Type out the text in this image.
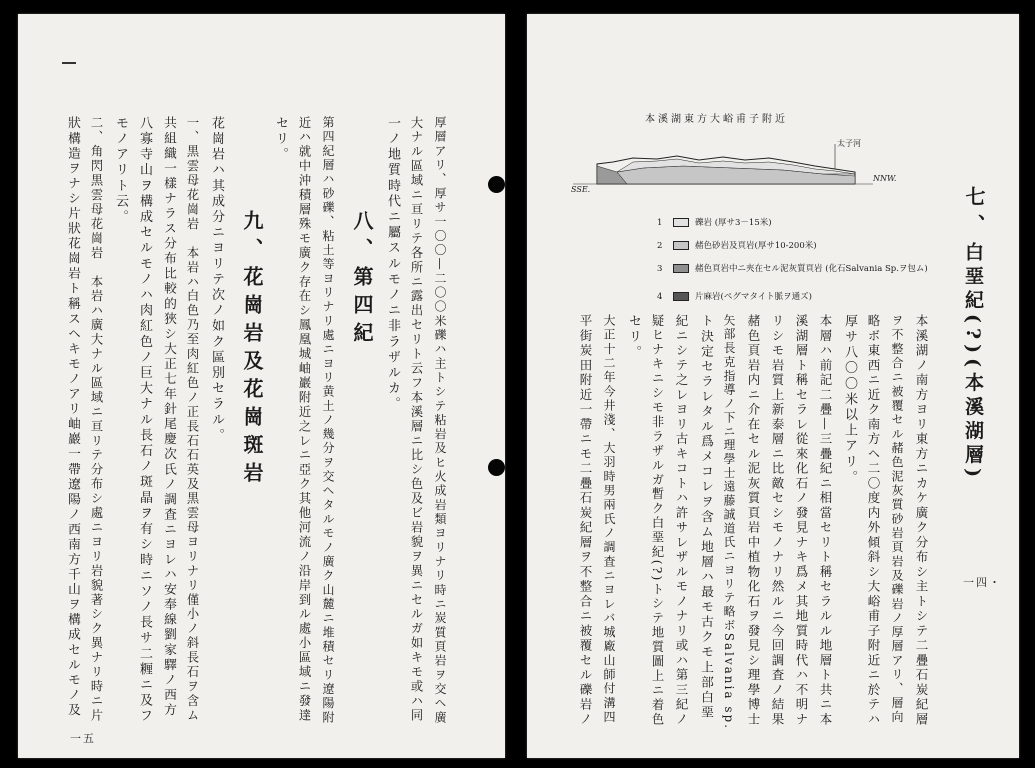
厚層アリ、厚サ一〇〇—二〇〇米礫ハ主トシテ粘岩及ヒ火成岩類ヨリナリ時ニ炭質頁岩ヲ交ヘ廣
大ナル區域ニ亘リテ各所ニ露出セリト云フ本溪層ニ比シ色及ビ岩貌ヲ異ニセルガ如キモ或ハ同
一ノ地質時代ニ屬スルモノニ非ラザルカ。
八、第四紀
第四紀層ハ砂礫、粘土等ヨリナリ處ニヨリ黄土ノ幾分ヲ交ヘタルモノ廣ク山麓ニ堆積セリ遼陽附
近ハ就中沖積層殊モ廣ク存在シ鳳凰城岫巖附近之レニ亞ク其他河流ノ沿岸到ル處小區域ニ發達
セリ。
九、花崗岩及花崗斑岩
花崗岩ハ其成分ニヨリテ次ノ如ク區別セラル。
一、黒雲母花崗岩　本岩ハ白色乃至肉紅色ノ正長石石英及黒雲母ヨリナリ僅小ノ斜長石ヲ含ム
共組織一樣ナラス分布比較的狹シ大正七年針尾慶次氏ノ調査ニヨレハ安奉線劉家驛ノ西方
八寡寺山ヲ構成セルモノハ肉紅色ノ巨大ナル長石ノ斑晶ヲ有シ時ニソノ長サ二糎ニ及フ
モノアリト云。
二、角閃黒雲母花崗岩　本岩ハ廣大ナル區域ニ亘リテ分布シ處ニヨリ岩貌著シク異ナリ時ニ片
狀構造ヲナシ片狀花崗岩ト稱スヘキモノアリ岫巖一帶遼陽ノ西南方千山ヲ構成セルモノ及
一五
本溪湖東方大峪甫子附近
SSE.
NNW.
太子河
1	礫岩 (厚サ3－15米)
2	赭色砂岩及頁岩(厚サ10-200米)
3	赭色頁岩中ニ夾在セル泥灰質頁岩 (化石Salvania Sp.ヲ包ム)
4	片麻岩(ペグマタイト脈ヲ通ズ)
七、
白堊紀(?)(本溪湖層)
本溪湖ノ南方ヨリ東方ニカケ廣ク分布シ主トシテ二疊石炭紀層
ヲ不整合ニ被覆セル赭色泥灰質砂岩頁岩及礫岩ノ厚層アリ、層向
略ボ東西ニ近ク南方ヘ二〇度内外傾斜シ大峪甫子附近ニ於テハ
厚サ八〇〇米以上アリ。
本層ハ前記二疊—三疊紀ニ相當セリト稱セラルル地層ト共ニ本
溪湖層ト稱セラレ從來化石ノ發見ナキ爲メ其地質時代ハ不明ナ
リシモ岩質上新泰層ニ比敵セシモノナリ然ルニ今回調査ノ結果
赭色頁岩内ニ介在セル泥灰質頁岩中植物化石ヲ發見シ理學博士
矢部長克指導ノ下ニ理學士遠藤誠道氏ニヨリテ略ボSalvania sp.
ト決定セラレタル爲メコレヲ含ム地層ハ最モ古クモ上部白堊
紀ニシテ之レヨリ古キコトハ許サレザルモノナリ或ハ第三紀ノ
疑ヒナキニシモ非ラザルガ暫ク白堊紀(?)トシテ地質圖上ニ着色
セリ。
大正十二年今井淺、大羽時男兩氏ノ調査ニヨレバ城廠山師付溝四
平街炭田附近一帶ニモ二疊石炭紀層ヲ不整合ニ被覆セル礫岩ノ	一四・
